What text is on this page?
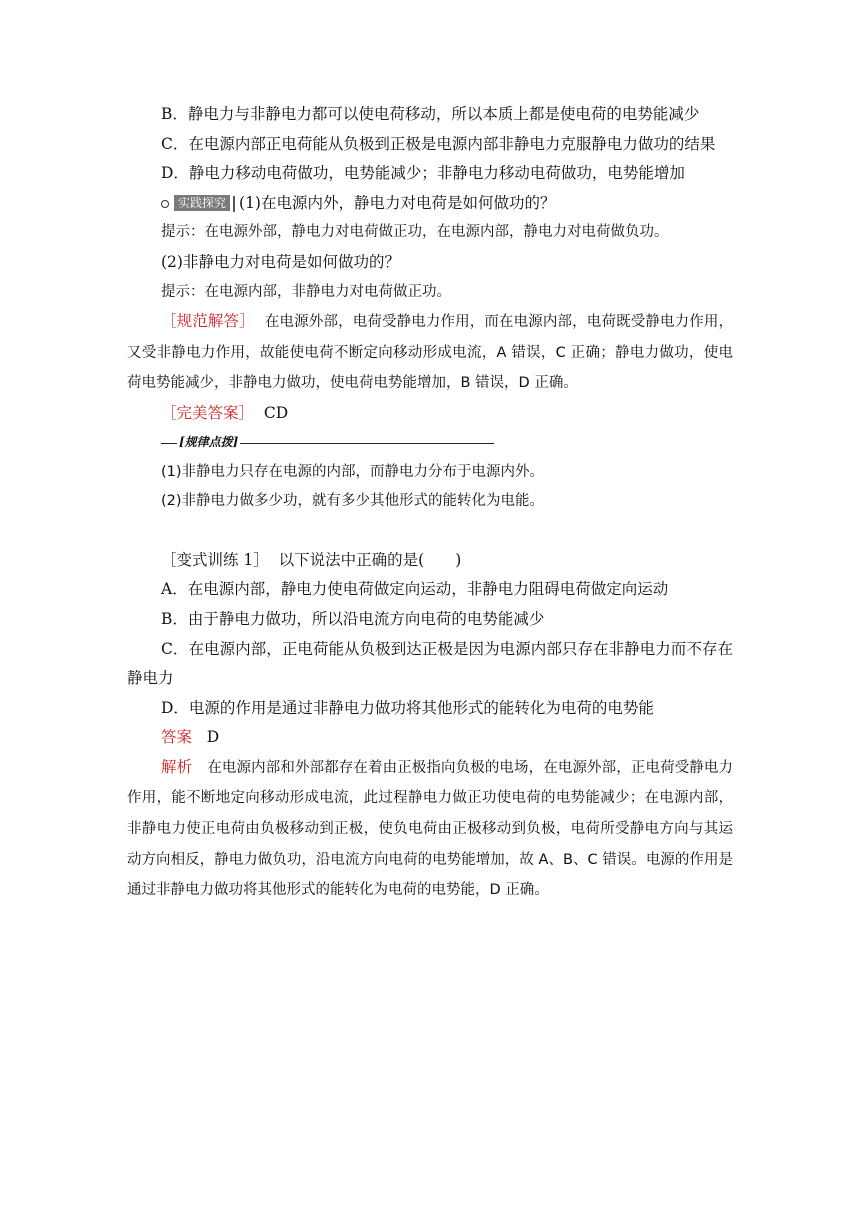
B．静电力与非静电力都可以使电荷移动，所以本质上都是使电荷的电势能减少

C．在电源内部正电荷能从负极到正极是电源内部非静电力克服静电力做功的结果

D．静电力移动电荷做功，电势能减少；非静电力移动电荷做功，电势能增加

实践探究 (1)在电源内外，静电力对电荷是如何做功的？

提示：在电源外部，静电力对电荷做正功，在电源内部，静电力对电荷做负功。

(2)非静电力对电荷是如何做功的？

提示：在电源内部，非静电力对电荷做正功。

［规范解答］ 在电源外部，电荷受静电力作用，而在电源内部，电荷既受静电力作用，又受非静电力作用，故能使电荷不断定向移动形成电流，A 错误，C 正确；静电力做功，使电荷电势能减少，非静电力做功，使电荷电势能增加，B 错误，D 正确。

［完美答案］ CD

[规律点拨]

(1)非静电力只存在电源的内部，而静电力分布于电源内外。

(2)非静电力做多少功，就有多少其他形式的能转化为电能。

［变式训练 1］ 以下说法中正确的是(　　)

A．在电源内部，静电力使电荷做定向运动，非静电力阻碍电荷做定向运动

B．由于静电力做功，所以沿电流方向电荷的电势能减少

C．在电源内部，正电荷能从负极到达正极是因为电源内部只存在非静电力而不存在静电力

D．电源的作用是通过非静电力做功将其他形式的能转化为电荷的电势能

答案 D

解析 在电源内部和外部都存在着由正极指向负极的电场，在电源外部，正电荷受静电力作用，能不断地定向移动形成电流，此过程静电力做正功使电荷的电势能减少；在电源内部，非静电力使正电荷由负极移动到正极，使负电荷由正极移动到负极，电荷所受静电方向与其运动方向相反，静电力做负功，沿电流方向电荷的电势能增加，故 A、B、C 错误。电源的作用是通过非静电力做功将其他形式的能转化为电荷的电势能，D 正确。
